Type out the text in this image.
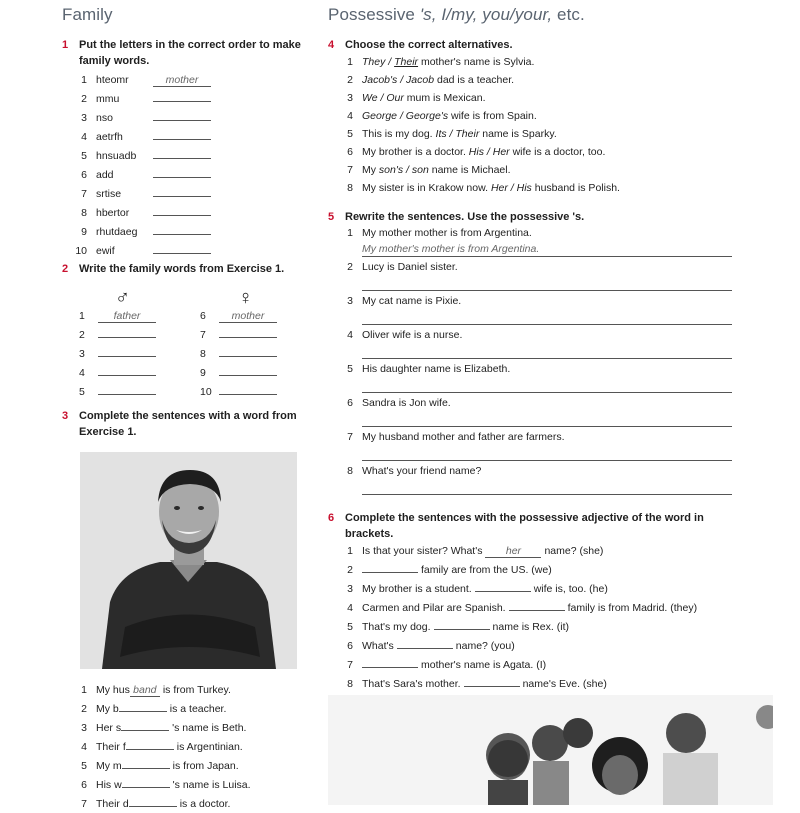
Family
1 Put the letters in the correct order to make family words.
1 hteomr	mother
2 mmu
3 nso
4 aetrfh
5 hnsuadb
6 add
7 srtise
8 hbertor
9 rhutdaeg
10 ewif
2 Write the family words from Exercise 1.
♂	♀
1	father
2
3
4
5
6	mother
7
8
9
10
3 Complete the sentences with a word from Exercise 1.
1 My hus band is from Turkey.
2 My b	is a teacher.
3 Her s	's name is Beth.
4 Their f	is Argentinian.
5 My m	is from Japan.
6 His w	's name is Luisa.
7 Their d	is a doctor.
Possessive 's, I/my, you/your, etc.
4 Choose the correct alternatives.
1 They / Their mother's name is Sylvia.
2 Jacob's / Jacob dad is a teacher.
3 We / Our mum is Mexican.
4 George / George's wife is from Spain.
5 This is my dog. Its / Their name is Sparky.
6 My brother is a doctor. His / Her wife is a doctor, too.
7 My son's / son name is Michael.
8 My sister is in Krakow now. Her / His husband is Polish.
5 Rewrite the sentences. Use the possessive 's.
1 My mother mother is from Argentina.
My mother's mother is from Argentina.
2 Lucy is Daniel sister.
3 My cat name is Pixie.
4 Oliver wife is a nurse.
5 His daughter name is Elizabeth.
6 Sandra is Jon wife.
7 My husband mother and father are farmers.
8 What's your friend name?
6 Complete the sentences with the possessive adjective of the word in brackets.
1 Is that your sister? What's	her	name? (she)
2	family are from the US. (we)
3 My brother is a student.	wife is, too. (he)
4 Carmen and Pilar are Spanish.	family is from Madrid. (they)
5 That's my dog.	name is Rex. (it)
6 What's	name? (you)
7	mother's name is Agata. (I)
8 That's Sara's mother.	name's Eve. (she)
